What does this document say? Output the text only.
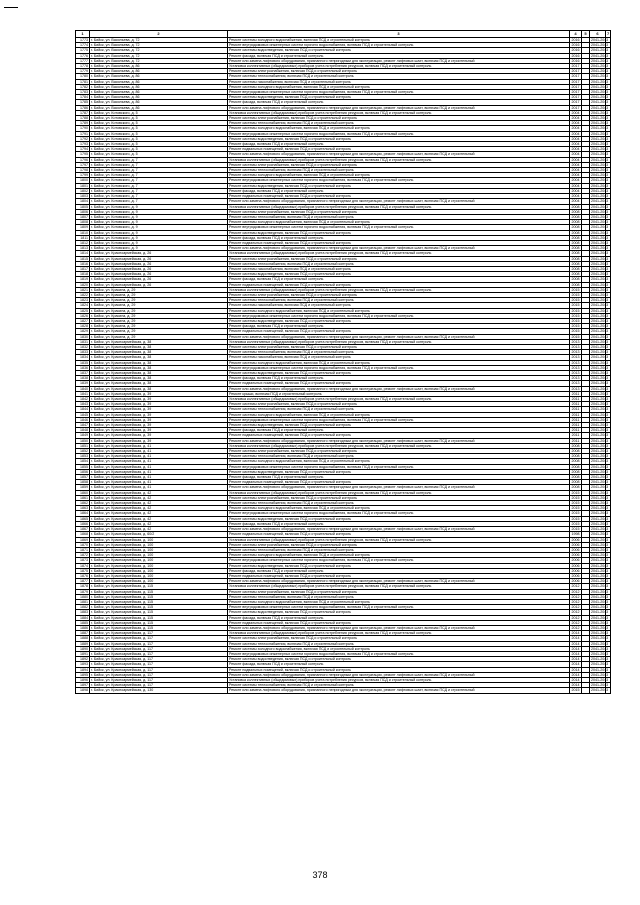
1	2	3	4	5	6	7
1773	г. Бийск, ул. Васильева, д. 72	Ремонт системы холодного водоснабжения, включая ПСД и строительный контроль	2016		2041-2043	
1774	г. Бийск, ул. Васильева, д. 72	Ремонт внутридомовых инженерных систем горячего водоснабжения, включая ПСД и строительный контроль	2016		2041-2043	
1775	г. Бийск, ул. Васильева, д. 72	Ремонт системы водоотведения, включая ПСД и строительный контроль	2016		2041-2043	
1776	г. Бийск, ул. Васильева, д. 72	Ремонт фасада, включая ПСД и строительный контроль	2016		2041-2043	
1777	г. Бийск, ул. Васильева, д. 72	Ремонт или замена лифтового оборудования, признанного непригодным для эксплуатации, ремонт лифтовых шахт, включая ПСД и строительный	2016		2041-2043	
1778	г. Бийск, ул. Васильева, д. 86	Установка коллективных (общедомовых) приборов учета потребления ресурсов, включая ПСД и строительный контроль	2017		2041-2043	
1779	г. Бийск, ул. Васильева, д. 86	Ремонт системы электроснабжения, включая ПСД и строительный контроль	2017		2041-2043	
1780	г. Бийск, ул. Васильева, д. 86	Ремонт системы теплоснабжения, включая ПСД и строительный контроль	2017		2041-2043	
1781	г. Бийск, ул. Васильева, д. 86	Ремонт системы газоснабжения, включая ПСД и строительный контроль	2017		2041-2043	
1782	г. Бийск, ул. Васильева, д. 86	Ремонт системы холодного водоснабжения, включая ПСД и строительный контроль	2017		2041-2043	
1783	г. Бийск, ул. Васильева, д. 86	Ремонт внутридомовых инженерных систем горячего водоснабжения, включая ПСД и строительный контроль	2017		2041-2043	
1784	г. Бийск, ул. Васильева, д. 86	Ремонт системы водоотведения, включая ПСД и строительный контроль	2017		2041-2043	
1785	г. Бийск, ул. Васильева, д. 86	Ремонт фасада, включая ПСД и строительный контроль	2017		2041-2043	
1786	г. Бийск, ул. Васильева, д. 86	Ремонт или замена лифтового оборудования, признанного непригодным для эксплуатации, ремонт лифтовых шахт, включая ПСД и строительный	2017		2041-2043	
1787	г. Бийск, ул. Котовского, д. 5	Установка коллективных (общедомовых) приборов учета потребления ресурсов, включая ПСД и строительный контроль	2004		2041-2043	
1788	г. Бийск, ул. Котовского, д. 5	Ремонт системы электроснабжения, включая ПСД и строительный контроль	2004		2041-2043	
1789	г. Бийск, ул. Котовского, д. 5	Ремонт системы теплоснабжения, включая ПСД и строительный контроль	2004		2041-2043	
1790	г. Бийск, ул. Котовского, д. 5	Ремонт системы холодного водоснабжения, включая ПСД и строительный контроль	2004		2041-2043	
1791	г. Бийск, ул. Котовского, д. 5	Ремонт внутридомовых инженерных систем горячего водоснабжения, включая ПСД и строительный контроль	2004		2041-2043	
1792	г. Бийск, ул. Котовского, д. 5	Ремонт системы водоотведения, включая ПСД и строительный контроль	2004		2041-2043	
1793	г. Бийск, ул. Котовского, д. 5	Ремонт фасада, включая ПСД и строительный контроль	2004		2041-2043	
1794	г. Бийск, ул. Котовского, д. 5	Ремонт подвальных помещений, включая ПСД и строительный контроль	2004		2041-2043	
1795	г. Бийск, ул. Котовского, д. 5	Ремонт или замена лифтового оборудования, признанного непригодным для эксплуатации, ремонт лифтовых шахт, включая ПСД и строительный	2004		2041-2043	
1796	г. Бийск, ул. Котовского, д. 7	Установка коллективных (общедомовых) приборов учета потребления ресурсов, включая ПСД и строительный контроль	2004		2041-2043	
1797	г. Бийск, ул. Котовского, д. 7	Ремонт системы электроснабжения, включая ПСД и строительный контроль	2004		2041-2043	
1798	г. Бийск, ул. Котовского, д. 7	Ремонт системы теплоснабжения, включая ПСД и строительный контроль	2004		2041-2043	
1799	г. Бийск, ул. Котовского, д. 7	Ремонт системы холодного водоснабжения, включая ПСД и строительный контроль	2004		2041-2043	
1800	г. Бийск, ул. Котовского, д. 7	Ремонт внутридомовых инженерных систем горячего водоснабжения, включая ПСД и строительный контроль	2004		2041-2043	
1801	г. Бийск, ул. Котовского, д. 7	Ремонт системы водоотведения, включая ПСД и строительный контроль	2004		2041-2043	
1802	г. Бийск, ул. Котовского, д. 7	Ремонт фасада, включая ПСД и строительный контроль	2004		2041-2043	
1803	г. Бийск, ул. Котовского, д. 7	Ремонт подвальных помещений, включая ПСД и строительный контроль	2004		2041-2043	
1804	г. Бийск, ул. Котовского, д. 7	Ремонт или замена лифтового оборудования, признанного непригодным для эксплуатации, ремонт лифтовых шахт, включая ПСД и строительный	2004		2041-2043	
1805	г. Бийск, ул. Котовского, д. 9	Установка коллективных (общедомовых) приборов учета потребления ресурсов, включая ПСД и строительный контроль	2008		2041-2043	
1806	г. Бийск, ул. Котовского, д. 9	Ремонт системы электроснабжения, включая ПСД и строительный контроль	2008		2041-2043	
1807	г. Бийск, ул. Котовского, д. 9	Ремонт системы теплоснабжения, включая ПСД и строительный контроль	2008		2041-2043	
1808	г. Бийск, ул. Котовского, д. 9	Ремонт системы холодного водоснабжения, включая ПСД и строительный контроль	2008		2041-2043	
1809	г. Бийск, ул. Котовского, д. 9	Ремонт внутридомовых инженерных систем горячего водоснабжения, включая ПСД и строительный контроль	2008		2041-2043	
1810	г. Бийск, ул. Котовского, д. 9	Ремонт системы водоотведения, включая ПСД и строительный контроль	2008		2041-2043	
1811	г. Бийск, ул. Котовского, д. 9	Ремонт фасада, включая ПСД и строительный контроль	2008		2041-2043	
1812	г. Бийск, ул. Котовского, д. 9	Ремонт подвальных помещений, включая ПСД и строительный контроль	2008		2041-2043	
1813	г. Бийск, ул. Котовского, д. 9	Ремонт или замена лифтового оборудования, признанного непригодным для эксплуатации, ремонт лифтовых шахт, включая ПСД и строительный	2008		2041-2043	
1814	г. Бийск, ул. Красноармейская, д. 26	Установка коллективных (общедомовых) приборов учета потребления ресурсов, включая ПСД и строительный контроль	2008		2041-2043	
1815	г. Бийск, ул. Красноармейская, д. 26	Ремонт системы электроснабжения, включая ПСД и строительный контроль	2008		2041-2043	
1816	г. Бийск, ул. Красноармейская, д. 26	Ремонт системы теплоснабжения, включая ПСД и строительный контроль	2008		2041-2043	
1817	г. Бийск, ул. Красноармейская, д. 26	Ремонт системы газоснабжения, включая ПСД и строительный контроль	2008		2041-2043	
1818	г. Бийск, ул. Красноармейская, д. 26	Ремонт системы водоотведения, включая ПСД и строительный контроль	2008		2041-2043	
1819	г. Бийск, ул. Красноармейская, д. 26	Ремонт фасада, включая ПСД и строительный контроль	2008		2041-2043	
1820	г. Бийск, ул. Красноармейская, д. 26	Ремонт подвальных помещений, включая ПСД и строительный контроль	2008		2041-2043	
1821	г. Бийск, ул. Красина, д. 29	Установка коллективных (общедомовых) приборов учета потребления ресурсов, включая ПСД и строительный контроль	2015		2041-2043	
1822	г. Бийск, ул. Красина, д. 29	Ремонт системы электроснабжения, включая ПСД и строительный контроль	2015		2041-2043	
1823	г. Бийск, ул. Красина, д. 29	Ремонт системы теплоснабжения, включая ПСД и строительный контроль	2015		2041-2043	
1824	г. Бийск, ул. Красина, д. 29	Ремонт системы газоснабжения, включая ПСД и строительный контроль	2015		2041-2043	
1825	г. Бийск, ул. Красина, д. 29	Ремонт системы холодного водоснабжения, включая ПСД и строительный контроль	2015		2041-2043	
1826	г. Бийск, ул. Красина, д. 29	Ремонт внутридомовых инженерных систем горячего водоснабжения, включая ПСД и строительный контроль	2015		2041-2043	
1827	г. Бийск, ул. Красина, д. 29	Ремонт системы водоотведения, включая ПСД и строительный контроль	2015		2041-2043	
1828	г. Бийск, ул. Красина, д. 29	Ремонт фасада, включая ПСД и строительный контроль	2015		2041-2043	
1829	г. Бийск, ул. Красина, д. 29	Ремонт подвальных помещений, включая ПСД и строительный контроль	2015		2041-2043	
1830	г. Бийск, ул. Красина, д. 29	Ремонт или замена лифтового оборудования, признанного непригодным для эксплуатации, ремонт лифтовых шахт, включая ПСД и строительный	2015		2041-2043	
1831	г. Бийск, ул. Красноармейская, д. 38	Установка коллективных (общедомовых) приборов учета потребления ресурсов, включая ПСД и строительный контроль	2013		2041-2043	
1832	г. Бийск, ул. Красноармейская, д. 38	Ремонт системы электроснабжения, включая ПСД и строительный контроль	2013		2041-2043	
1833	г. Бийск, ул. Красноармейская, д. 38	Ремонт системы теплоснабжения, включая ПСД и строительный контроль	2013		2041-2043	
1834	г. Бийск, ул. Красноармейская, д. 38	Ремонт системы газоснабжения, включая ПСД и строительный контроль	2013		2041-2043	
1835	г. Бийск, ул. Красноармейская, д. 38	Ремонт системы холодного водоснабжения, включая ПСД и строительный контроль	2013		2041-2043	
1836	г. Бийск, ул. Красноармейская, д. 38	Ремонт внутридомовых инженерных систем горячего водоснабжения, включая ПСД и строительный контроль	2013		2041-2043	
1837	г. Бийск, ул. Красноармейская, д. 38	Ремонт системы водоотведения, включая ПСД и строительный контроль	2013		2041-2043	
1838	г. Бийск, ул. Красноармейская, д. 38	Ремонт фасада, включая ПСД и строительный контроль	2013		2041-2043	
1839	г. Бийск, ул. Красноармейская, д. 38	Ремонт подвальных помещений, включая ПСД и строительный контроль	2013		2041-2043	
1840	г. Бийск, ул. Красноармейская, д. 38	Ремонт или замена лифтового оборудования, признанного непригодным для эксплуатации, ремонт лифтовых шахт, включая ПСД и строительный	2013		2041-2043	
1841	г. Бийск, ул. Красноармейская, д. 39	Ремонт крыши, включая ПСД и строительный контроль	2011		2041-2043	
1842	г. Бийск, ул. Красноармейская, д. 39	Установка коллективных (общедомовых) приборов учета потребления ресурсов, включая ПСД и строительный контроль	2011		2041-2043	
1843	г. Бийск, ул. Красноармейская, д. 39	Ремонт системы электроснабжения, включая ПСД и строительный контроль	2011		2041-2043	
1844	г. Бийск, ул. Красноармейская, д. 39	Ремонт системы теплоснабжения, включая ПСД и строительный контроль	2011		2041-2043	
1845	г. Бийск, ул. Красноармейская, д. 39	Ремонт системы холодного водоснабжения, включая ПСД и строительный контроль	2011		2041-2043	
1846	г. Бийск, ул. Красноармейская, д. 39	Ремонт внутридомовых инженерных систем горячего водоснабжения, включая ПСД и строительный контроль	2011		2041-2043	
1847	г. Бийск, ул. Красноармейская, д. 39	Ремонт системы водоотведения, включая ПСД и строительный контроль	2011		2041-2043	
1848	г. Бийск, ул. Красноармейская, д. 39	Ремонт фасада, включая ПСД и строительный контроль	2011		2041-2043	
1849	г. Бийск, ул. Красноармейская, д. 39	Ремонт подвальных помещений, включая ПСД и строительный контроль	2011		2041-2043	
1850	г. Бийск, ул. Красноармейская, д. 39	Ремонт или замена лифтового оборудования, признанного непригодным для эксплуатации, ремонт лифтовых шахт, включая ПСД и строительный	2011		2041-2043	
1851	г. Бийск, ул. Красноармейская, д. 41	Установка коллективных (общедомовых) приборов учета потребления ресурсов, включая ПСД и строительный контроль	2008		2041-2043	
1852	г. Бийск, ул. Красноармейская, д. 41	Ремонт системы электроснабжения, включая ПСД и строительный контроль	2008		2041-2043	
1853	г. Бийск, ул. Красноармейская, д. 41	Ремонт системы теплоснабжения, включая ПСД и строительный контроль	2008		2041-2043	
1854	г. Бийск, ул. Красноармейская, д. 41	Ремонт системы холодного водоснабжения, включая ПСД и строительный контроль	2008		2041-2043	
1855	г. Бийск, ул. Красноармейская, д. 41	Ремонт внутридомовых инженерных систем горячего водоснабжения, включая ПСД и строительный контроль	2008		2041-2043	
1856	г. Бийск, ул. Красноармейская, д. 41	Ремонт системы водоотведения, включая ПСД и строительный контроль	2008		2041-2043	
1857	г. Бийск, ул. Красноармейская, д. 41	Ремонт фасада, включая ПСД и строительный контроль	2008		2041-2043	
1858	г. Бийск, ул. Красноармейская, д. 41	Ремонт подвальных помещений, включая ПСД и строительный контроль	2008		2041-2043	
1859	г. Бийск, ул. Красноармейская, д. 41	Ремонт или замена лифтового оборудования, признанного непригодным для эксплуатации, ремонт лифтовых шахт, включая ПСД и строительный	2008		2041-2043	
1860	г. Бийск, ул. Красноармейская, д. 42	Установка коллективных (общедомовых) приборов учета потребления ресурсов, включая ПСД и строительный контроль	2015		2041-2043	
1861	г. Бийск, ул. Красноармейская, д. 42	Ремонт системы электроснабжения, включая ПСД и строительный контроль	2015		2041-2043	
1862	г. Бийск, ул. Красноармейская, д. 42	Ремонт системы теплоснабжения, включая ПСД и строительный контроль	2015		2041-2043	
1863	г. Бийск, ул. Красноармейская, д. 42	Ремонт системы холодного водоснабжения, включая ПСД и строительный контроль	2015		2041-2043	
1864	г. Бийск, ул. Красноармейская, д. 42	Ремонт внутридомовых инженерных систем горячего водоснабжения, включая ПСД и строительный контроль	2015		2041-2043	
1865	г. Бийск, ул. Красноармейская, д. 42	Ремонт системы водоотведения, включая ПСД и строительный контроль	2015		2041-2043	
1866	г. Бийск, ул. Красноармейская, д. 42	Ремонт фасада, включая ПСД и строительный контроль	2015		2041-2043	
1867	г. Бийск, ул. Красноармейская, д. 42	Ремонт или замена лифтового оборудования, признанного непригодным для эксплуатации, ремонт лифтовых шахт, включая ПСД и строительный	2015		2041-2043	
1868	г. Бийск, ул. Красноармейская, д. 60/2	Ремонт подвальных помещений, включая ПСД и строительный контроль	1998		2041-2043	
1869	г. Бийск, ул. Красноармейская, д. 100	Установка коллективных (общедомовых) приборов учета потребления ресурсов, включая ПСД и строительный контроль	2006		2041-2043	
1870	г. Бийск, ул. Красноармейская, д. 100	Ремонт системы электроснабжения, включая ПСД и строительный контроль	2006		2041-2043	
1871	г. Бийск, ул. Красноармейская, д. 100	Ремонт системы теплоснабжения, включая ПСД и строительный контроль	2006		2041-2043	
1872	г. Бийск, ул. Красноармейская, д. 100	Ремонт системы холодного водоснабжения, включая ПСД и строительный контроль	2006		2041-2043	
1873	г. Бийск, ул. Красноармейская, д. 100	Ремонт внутридомовых инженерных систем горячего водоснабжения, включая ПСД и строительный контроль	2006		2041-2043	
1874	г. Бийск, ул. Красноармейская, д. 100	Ремонт системы водоотведения, включая ПСД и строительный контроль	2006		2041-2043	
1875	г. Бийск, ул. Красноармейская, д. 100	Ремонт фасада, включая ПСД и строительный контроль	2006		2041-2043	
1876	г. Бийск, ул. Красноармейская, д. 100	Ремонт подвальных помещений, включая ПСД и строительный контроль	2006		2041-2043	
1877	г. Бийск, ул. Красноармейская, д. 100	Ремонт или замена лифтового оборудования, признанного непригодным для эксплуатации, ремонт лифтовых шахт, включая ПСД и строительный	2006		2041-2043	
1878	г. Бийск, ул. Красноармейская, д. 115	Установка коллективных (общедомовых) приборов учета потребления ресурсов, включая ПСД и строительный контроль	2012		2041-2043	
1879	г. Бийск, ул. Красноармейская, д. 115	Ремонт системы электроснабжения, включая ПСД и строительный контроль	2012		2041-2043	
1880	г. Бийск, ул. Красноармейская, д. 115	Ремонт системы теплоснабжения, включая ПСД и строительный контроль	2012		2041-2043	
1881	г. Бийск, ул. Красноармейская, д. 115	Ремонт системы холодного водоснабжения, включая ПСД и строительный контроль	2012		2041-2043	
1882	г. Бийск, ул. Красноармейская, д. 115	Ремонт внутридомовых инженерных систем горячего водоснабжения, включая ПСД и строительный контроль	2012		2041-2043	
1883	г. Бийск, ул. Красноармейская, д. 115	Ремонт системы водоотведения, включая ПСД и строительный контроль	2012		2041-2043	
1884	г. Бийск, ул. Красноармейская, д. 115	Ремонт фасада, включая ПСД и строительный контроль	2012		2041-2043	
1885	г. Бийск, ул. Красноармейская, д. 115	Ремонт подвальных помещений, включая ПСД и строительный контроль	2012		2041-2043	
1886	г. Бийск, ул. Красноармейская, д. 115	Ремонт или замена лифтового оборудования, признанного непригодным для эксплуатации, ремонт лифтовых шахт, включая ПСД и строительный	2012		2041-2043	
1887	г. Бийск, ул. Красноармейская, д. 117	Установка коллективных (общедомовых) приборов учета потребления ресурсов, включая ПСД и строительный контроль	2014		2041-2043	
1888	г. Бийск, ул. Красноармейская, д. 117	Ремонт системы электроснабжения, включая ПСД и строительный контроль	2014		2041-2043	
1889	г. Бийск, ул. Красноармейская, д. 117	Ремонт системы теплоснабжения, включая ПСД и строительный контроль	2014		2041-2043	
1890	г. Бийск, ул. Красноармейская, д. 117	Ремонт системы холодного водоснабжения, включая ПСД и строительный контроль	2014		2041-2043	
1891	г. Бийск, ул. Красноармейская, д. 117	Ремонт внутридомовых инженерных систем горячего водоснабжения, включая ПСД и строительный контроль	2014		2041-2043	
1892	г. Бийск, ул. Красноармейская, д. 117	Ремонт системы водоотведения, включая ПСД и строительный контроль	2014		2041-2043	
1893	г. Бийск, ул. Красноармейская, д. 117	Ремонт фасада, включая ПСД и строительный контроль	2014		2041-2043	
1894	г. Бийск, ул. Красноармейская, д. 117	Ремонт подвальных помещений, включая ПСД и строительный контроль	2014		2041-2043	
1895	г. Бийск, ул. Красноармейская, д. 117	Ремонт или замена лифтового оборудования, признанного непригодным для эксплуатации, ремонт лифтовых шахт, включая ПСД и строительный	2014		2041-2043	
1896	г. Бийск, ул. Красноармейская, д. 117	Установка коллективных (общедомовых) приборов учета потребления ресурсов, включая ПСД и строительный контроль	2014		2041-2043	
1897	г. Бийск, ул. Красноармейская, д. 117	Ремонт системы теплоснабжения, включая ПСД и строительный контроль	2014		2041-2043	
1898	г. Бийск, ул. Красноармейская, д. 130	Ремонт или замена лифтового оборудования, признанного непригодным для эксплуатации, ремонт лифтовых шахт, включая ПСД и строительный	2015		2041-2043	
378
